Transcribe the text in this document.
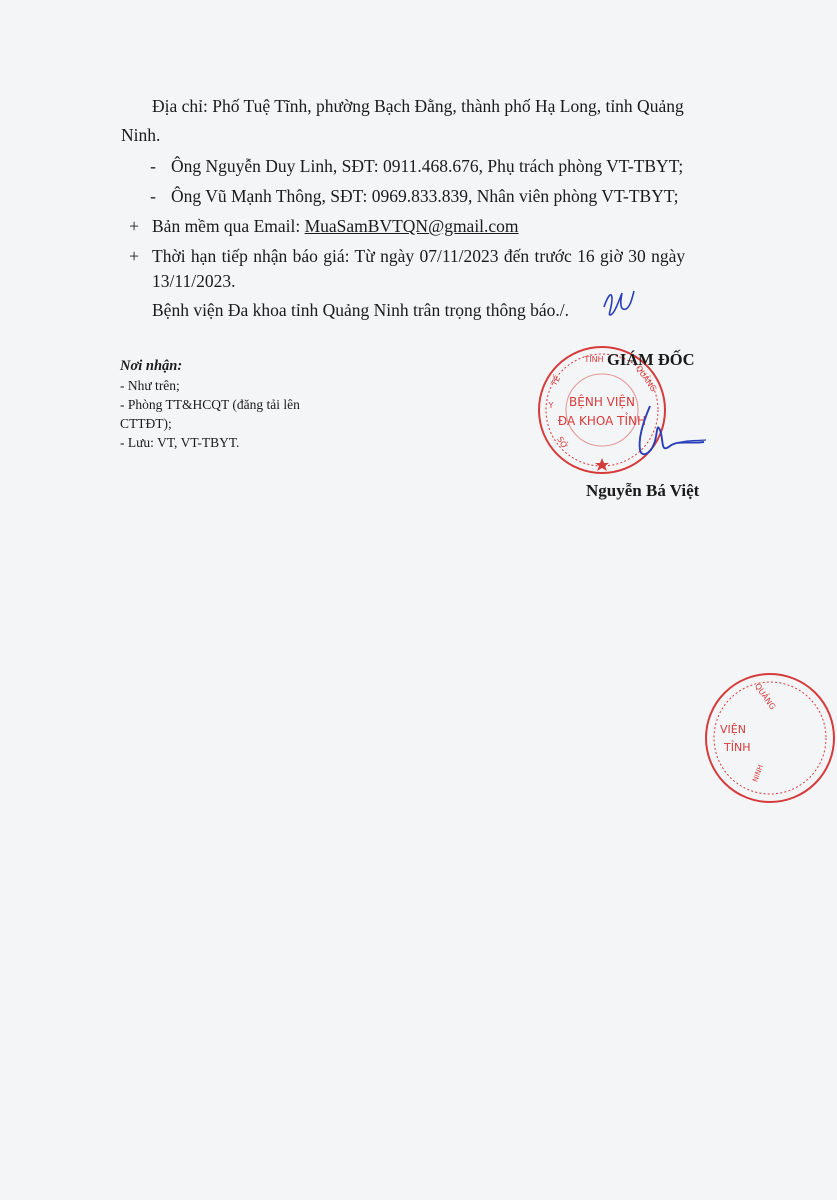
Địa chỉ: Phố Tuệ Tĩnh, phường Bạch Đằng, thành phố Hạ Long, tỉnh Quảng
Ninh.
- Ông Nguyễn Duy Linh, SĐT: 0911.468.676, Phụ trách phòng VT-TBYT;
- Ông Vũ Mạnh Thông, SĐT: 0969.833.839, Nhân viên phòng VT-TBYT;
+ Bản mềm qua Email: MuaSamBVTQN@gmail.com
+ Thời hạn tiếp nhận báo giá: Từ ngày 07/11/2023 đến trước 16 giờ 30 ngày
13/11/2023.
Bệnh viện Đa khoa tỉnh Quảng Ninh trân trọng thông báo./.
Nơi nhận:
- Như trên;
- Phòng TT&HCQT (đăng tải lên
CTTĐT);
- Lưu: VT, VT-TBYT.
BỆNH VIỆN
ĐA KHOA TỈNH
TỈNH
QUẢNG
TẾ
Y
SỞ
GIÁM ĐỐC
Nguyễn Bá Việt
VIỆN
TỈNH
QUẢNG
NINH
